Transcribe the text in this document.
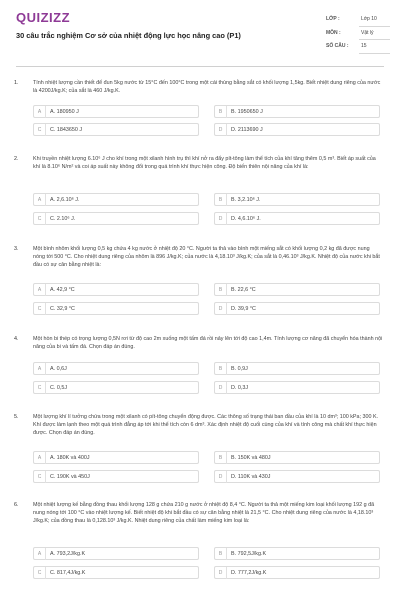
QUIZIZZ
30 câu trắc nghiệm Cơ sở của nhiệt động lực học nâng cao (P1)
LỚP :	Lớp 10
MÔN :	Vật lý
SỐ CÂU :	15
1.	Tính nhiệt lượng cần thiết để đun 5kg nước từ 15°C đến 100°C trong một cái thùng bằng sắt có khối lượng 1,5kg. Biết nhiệt dung riêng của nước là 4200J/kg.K; của sắt là 460 J/kg.K.
A	A. 180950 J	B	B. 1950650 J
C	C. 1843650 J	D	D. 2113690 J
2.	Khi truyền nhiệt lượng 6.10⁶ J cho khí trong một xilanh hình trụ thì khí nở ra đẩy pít-tông làm thể tích của khí tăng thêm 0,5 m³. Biết áp suất của khí là 8.10⁶ N/m² và coi áp suất này không đổi trong quá trình khí thực hiện công. Độ biến thiên nội năng của khí là:
A	A. 2,6.10⁶ J.	B	B. 3,2.10⁶ J.
C	C. 2.10⁶ J.	D	D. 4,6.10⁶ J.
3.	Một bình nhôm khối lượng 0,5 kg chứa 4 kg nước ở nhiệt độ 20 °C. Người ta thả vào bình một miếng sắt có khối lượng 0,2 kg đã được nung nóng tới 500 °C. Cho nhiệt dung riêng của nhôm là 896 J/kg.K; của nước là 4,18.10³ J/kg.K; của sắt là 0,46.10³ J/kg.K. Nhiệt độ của nước khi bắt đầu có sự cân bằng nhiệt là:
A	A. 42,9 °C	B	B. 22,6 °C
C	C. 32,9 °C	D	D. 39,9 °C
4.	Một hòn bi thép có trọng lượng 0,5N rơi từ độ cao 2m xuống một tấm đá rồi nảy lên tới độ cao 1,4m. Tính lượng cơ năng đã chuyển hóa thành nội năng của bi và tấm đá. Chọn đáp án đúng.
A	A. 0,6J	B	B. 0,9J
C	C. 0,5J	D	D. 0,3J
5.	Một lượng khí lí tưởng chứa trong một xilanh có pít-tông chuyển động được. Các thông số trạng thái ban đầu của khí là 10 dm³; 100 kPa; 300 K. Khí được làm lạnh theo một quá trình đẳng áp tới khi thể tích còn 6 dm³. Xác định nhiệt độ cuối cùng của khí và tính công mà chất khí thực hiện được. Chọn đáp án đúng.
A	A. 180K và 400J	B	B. 150K và 480J
C	C. 190K và 450J	D	D. 110K và 430J
6.	Một nhiệt lượng kế bằng đồng thau khối lượng 128 g chứa 210 g nước ở nhiệt độ 8,4 °C. Người ta thả một miếng kim loại khối lượng 192 g đã nung nóng tới 100 °C vào nhiệt lượng kế. Biết nhiệt độ khi bắt đầu có sự cân bằng nhiệt là 21,5 °C. Cho nhiệt dung riêng của nước là 4,18.10³ J/kg.K; của đồng thau là 0,128.10³ J/kg.K. Nhiệt dung riêng của chất làm miếng kim loại là:
A	A. 793,2J/kg.K	B	B. 792,5J/kg.K
C	C. 817,4J/kg.K	D	D. 777,2J/kg.K
